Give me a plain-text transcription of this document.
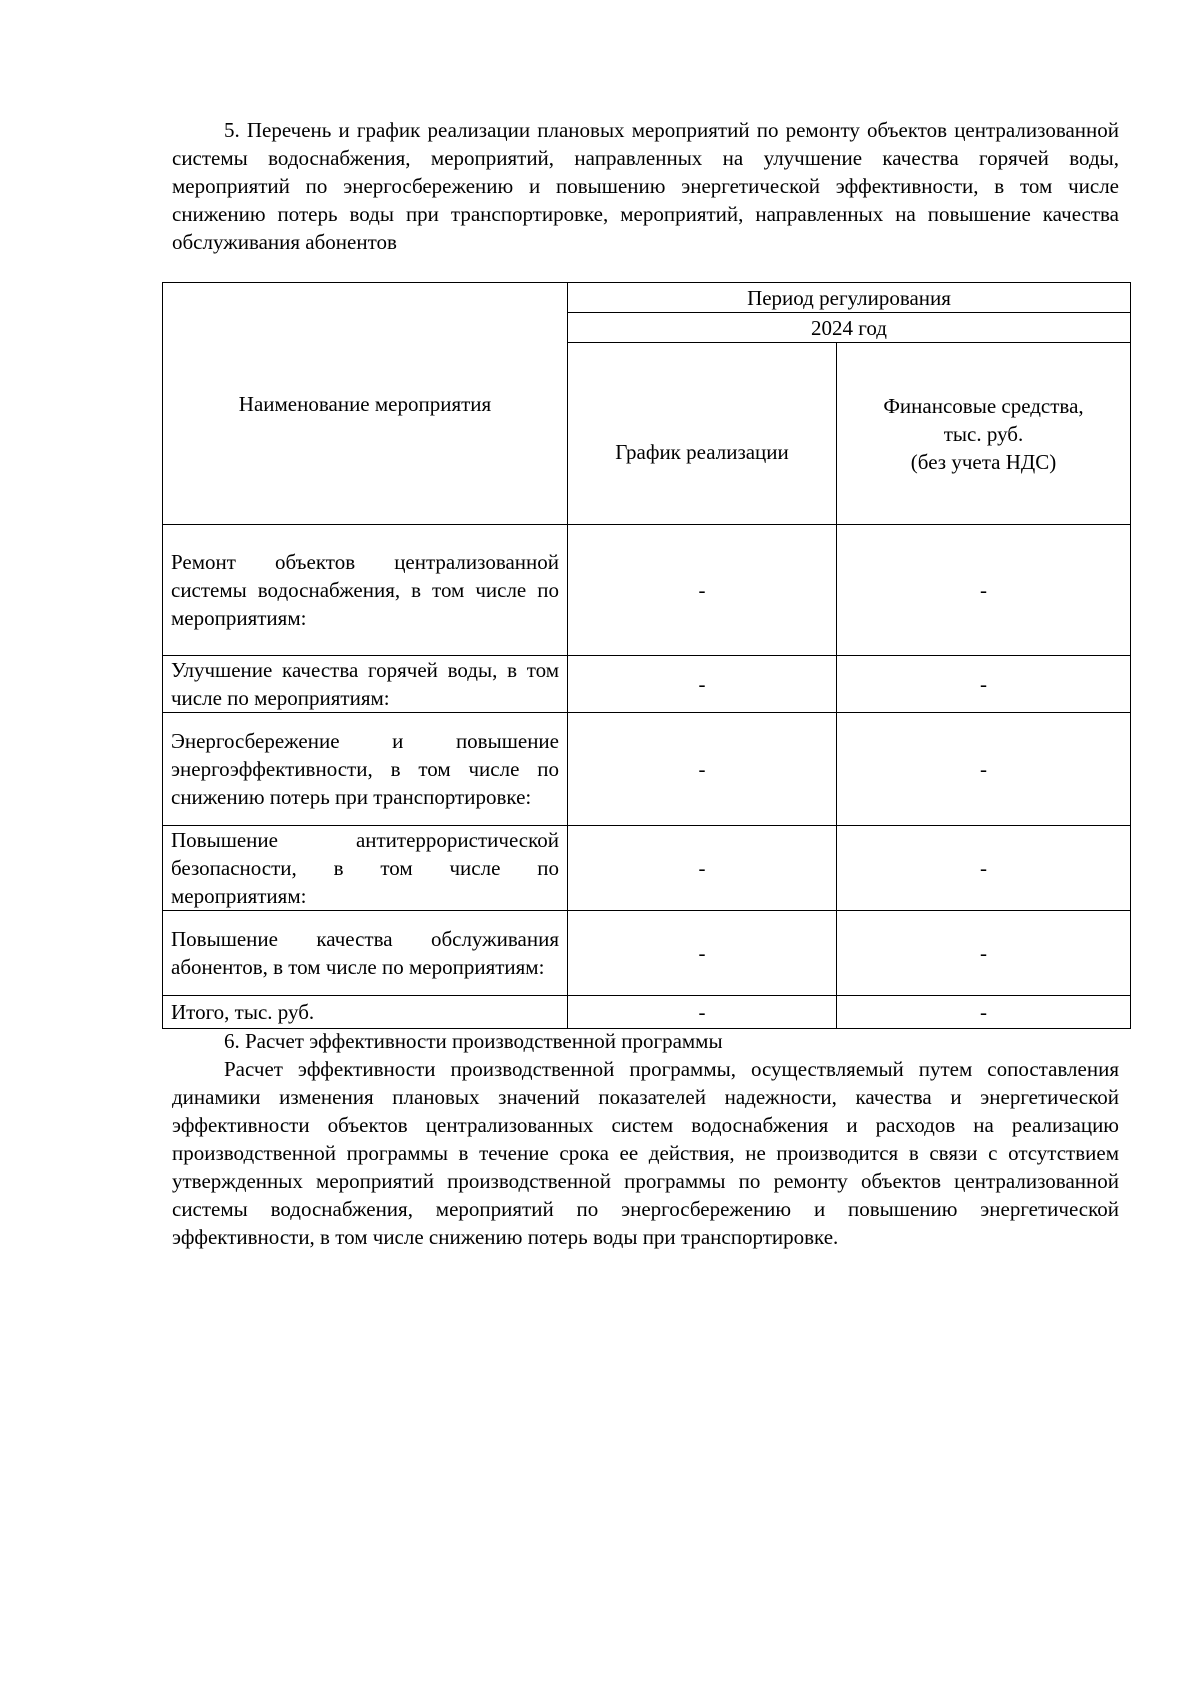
5. Перечень и график реализации плановых мероприятий по ремонту объектов централизованной системы водоснабжения, мероприятий, направленных на улучшение качества горячей воды, мероприятий по энергосбережению и повышению энергетической эффективности, в том числе снижению потерь воды при транспортировке, мероприятий, направленных на повышение качества обслуживания абонентов

Наименование мероприятия	Период регулирования	
	2024 год	
	График реализации	Финансовые средства,
тыс. руб.
(без учета НДС)

Ремонт объектов централизованной системы водоснабжения, в том числе по мероприятиям:	-	-
Улучшение качества горячей воды, в том числе по мероприятиям:	-	-
Энергосбережение и повышение энергоэффективности, в том числе по снижению потерь при транспортировке:	-	-
Повышение антитеррористической безопасности, в том числе по мероприятиям:	-	-
Повышение качества обслуживания абонентов, в том числе по мероприятиям:	-	-
Итого, тыс. руб.	-	-

6. Расчет эффективности производственной программы

Расчет эффективности производственной программы, осуществляемый путем сопоставления динамики изменения плановых значений показателей надежности, качества и энергетической эффективности объектов централизованных систем водоснабжения и расходов на реализацию производственной программы в течение срока ее действия, не производится в связи с отсутствием утвержденных мероприятий производственной программы по ремонту объектов централизованной системы водоснабжения, мероприятий по энергосбережению и повышению энергетической эффективности, в том числе снижению потерь воды при транспортировке.
